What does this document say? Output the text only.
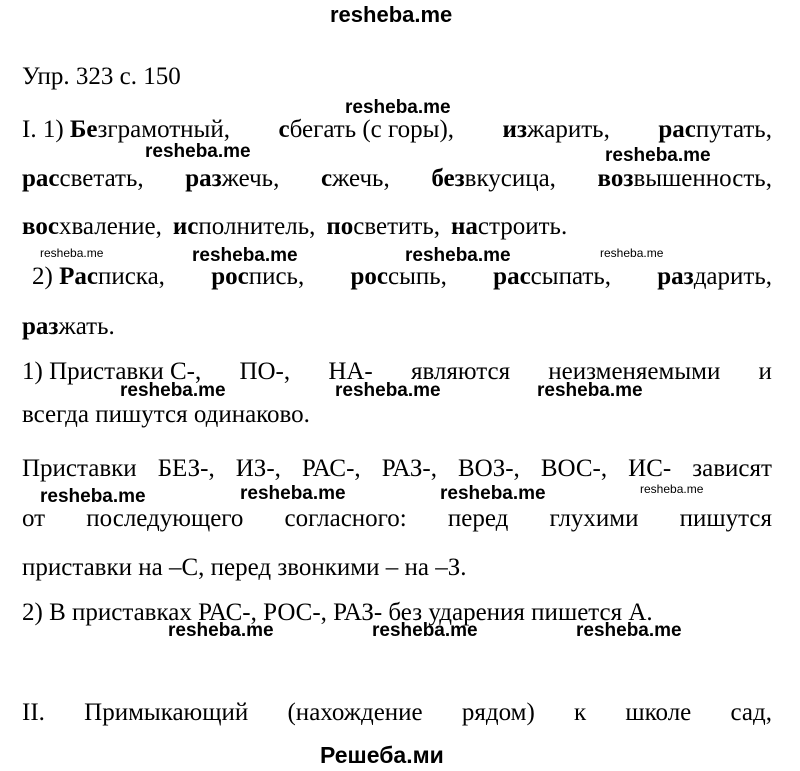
resheba.me
Упр. 323 с. 150
I. 1) Безграмотный, сбегать (с горы), изжарить, распутать,
рассветать, разжечь, сжечь, безвкусица, возвышенность,
восхваление, исполнитель, посветить, настроить.
2) Расписка, роспись, россыпь, рассыпать, раздарить,
разжать.
1) Приставки С-, ПО-, НА- являются неизменяемыми и
всегда пишутся одинаково.
Приставки БЕЗ-, ИЗ-, РАС-, РАЗ-, ВОЗ-, ВОС-, ИС- зависят
от последующего согласного: перед глухими пишутся
приставки на –С, перед звонкими – на –З.
2) В приставках РАС-, РОС-, РАЗ- без ударения пишется А.
II. Примыкающий (нахождение рядом) к школе сад,
resheba.me
resheba.me	resheba.me
resheba.me	resheba.me	resheba.me	resheba.me
resheba.me	resheba.me	resheba.me
resheba.me	resheba.me	resheba.me	resheba.me
resheba.me	resheba.me	resheba.me
Решеба.ми
